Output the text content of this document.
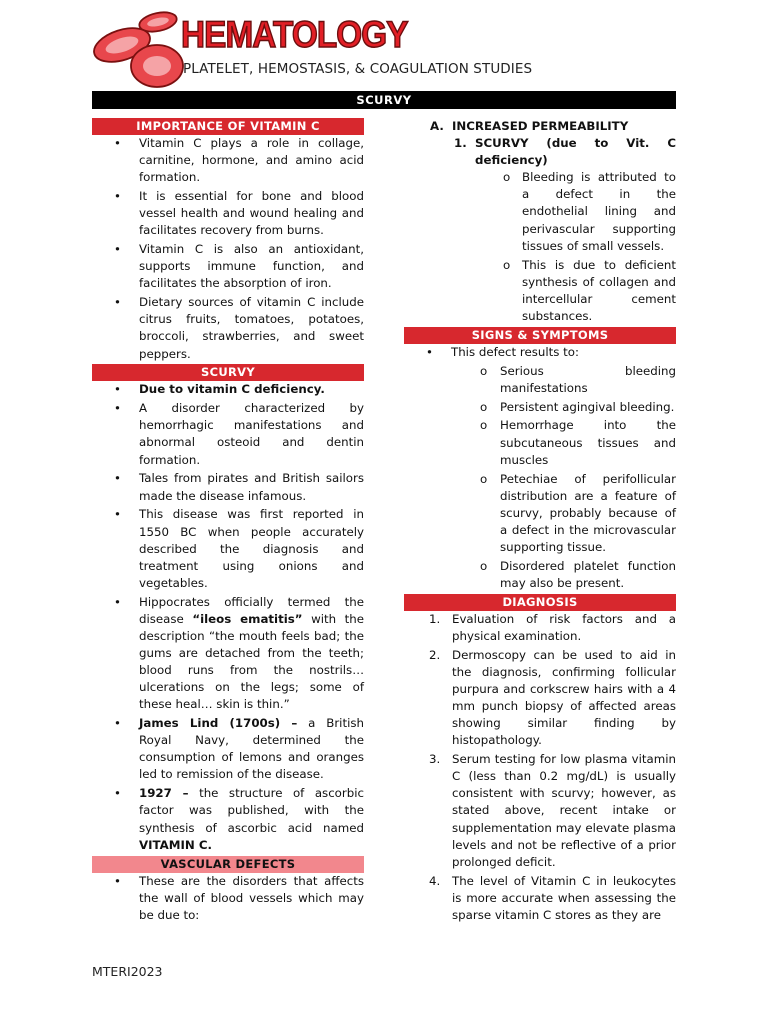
HEMATOLOGY
PLATELET, HEMOSTASIS, & COAGULATION STUDIES
SCURVY
IMPORTANCE OF VITAMIN C
• Vitamin C plays a role in collage, carnitine, hormone, and amino acid formation.
• It is essential for bone and blood vessel health and wound healing and facilitates recovery from burns.
• Vitamin C is also an antioxidant, supports immune function, and facilitates the absorption of iron.
• Dietary sources of vitamin C include citrus fruits, tomatoes, potatoes, broccoli, strawberries, and sweet peppers.
SCURVY
• Due to vitamin C deficiency.
• A disorder characterized by hemorrhagic manifestations and abnormal osteoid and dentin formation.
• Tales from pirates and British sailors made the disease infamous.
• This disease was first reported in 1550 BC when people accurately described the diagnosis and treatment using onions and vegetables.
• Hippocrates officially termed the disease “ileos ematitis” with the description “the mouth feels bad; the gums are detached from the teeth; blood runs from the nostrils… ulcerations on the legs; some of these heal… skin is thin.”
• James Lind (1700s) – a British Royal Navy, determined the consumption of lemons and oranges led to remission of the disease.
• 1927 – the structure of ascorbic factor was published, with the synthesis of ascorbic acid named VITAMIN C.
VASCULAR DEFECTS
• These are the disorders that affects the wall of blood vessels which may be due to:
A. INCREASED PERMEABILITY
1. SCURVY (due to Vit. C deficiency)
o Bleeding is attributed to a defect in the endothelial lining and perivascular supporting tissues of small vessels.
o This is due to deficient synthesis of collagen and intercellular cement substances.
SIGNS & SYMPTOMS
• This defect results to:
o Serious bleeding manifestations
o Persistent agingival bleeding.
o Hemorrhage into the subcutaneous tissues and muscles
o Petechiae of perifollicular distribution are a feature of scurvy, probably because of a defect in the microvascular supporting tissue.
o Disordered platelet function may also be present.
DIAGNOSIS
1. Evaluation of risk factors and a physical examination.
2. Dermoscopy can be used to aid in the diagnosis, confirming follicular purpura and corkscrew hairs with a 4 mm punch biopsy of affected areas showing similar finding by histopathology.
3. Serum testing for low plasma vitamin C (less than 0.2 mg/dL) is usually consistent with scurvy; however, as stated above, recent intake or supplementation may elevate plasma levels and not be reflective of a prior prolonged deficit.
4. The level of Vitamin C in leukocytes is more accurate when assessing the sparse vitamin C stores as they are
MTERI2023
